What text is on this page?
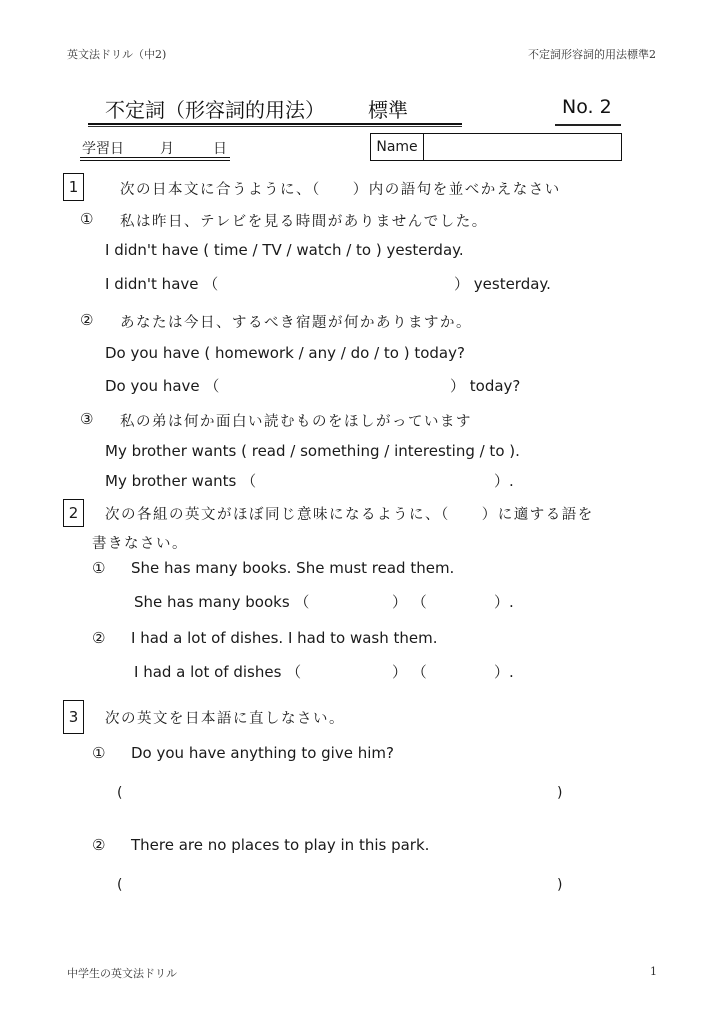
英文法ドリル（中2)	不定詞形容詞的用法標準2
不定詞（形容詞的用法） 標準	No. 2
学習日	月	日	Name
1	次の日本文に合うように、（　　）内の語句を並べかえなさい
① 私は昨日、テレビを見る時間がありませんでした。
I didn't have ( time / TV / watch / to ) yesterday.
I didn't have （	） yesterday.
② あなたは今日、するべき宿題が何かありますか。
Do you have ( homework / any / do / to ) today?
Do you have （	） today?
③ 私の弟は何か面白い読むものをほしがっています
My brother wants ( read / something / interesting / to ).
My brother wants （	）.
2	次の各組の英文がほぼ同じ意味になるように、（　　）に適する語を
書きなさい。
① She has many books. She must read them.
She has many books （	） （	）.
② I had a lot of dishes. I had to wash them.
I had a lot of dishes （	） （	）.
3	次の英文を日本語に直しなさい。
① Do you have anything to give him?
(	)
② There are no places to play in this park.
(	)
中学生の英文法ドリル	1
